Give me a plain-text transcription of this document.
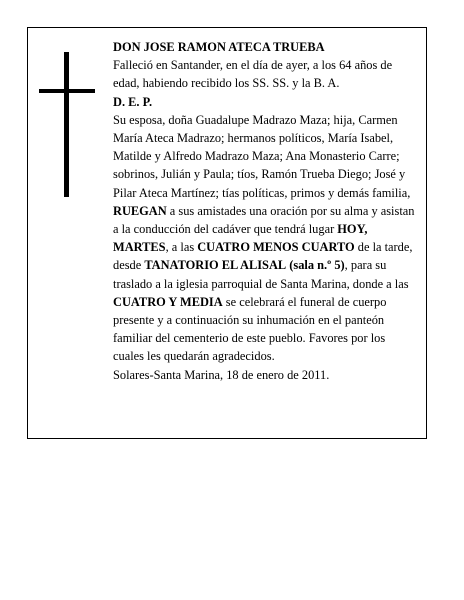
DON JOSE RAMON ATECA TRUEBA

Falleció en Santander, en el día de ayer, a los 64 años de edad, habiendo recibido los SS. SS. y la B. A.

D. E. P.

Su esposa, doña Guadalupe Madrazo Maza; hija, Carmen María Ateca Madrazo; hermanos políticos, María Isabel, Matilde y Alfredo Madrazo Maza; Ana Monasterio Carre; sobrinos, Julián y Paula; tíos, Ramón Trueba Diego; José y Pilar Ateca Martínez; tías políticas, primos y demás familia,

RUEGAN a sus amistades una oración por su alma y asistan a la conducción del cadáver que tendrá lugar HOY, MARTES, a las CUATRO MENOS CUARTO de la tarde, desde TANATORIO EL ALISAL (sala n.º 5), para su traslado a la iglesia parroquial de Santa Marina, donde a las CUATRO Y MEDIA se celebrará el funeral de cuerpo presente y a continuación su inhumación en el panteón familiar del cementerio de este pueblo. Favores por los cuales les quedarán agradecidos.

Solares-Santa Marina, 18 de enero de 2011.
